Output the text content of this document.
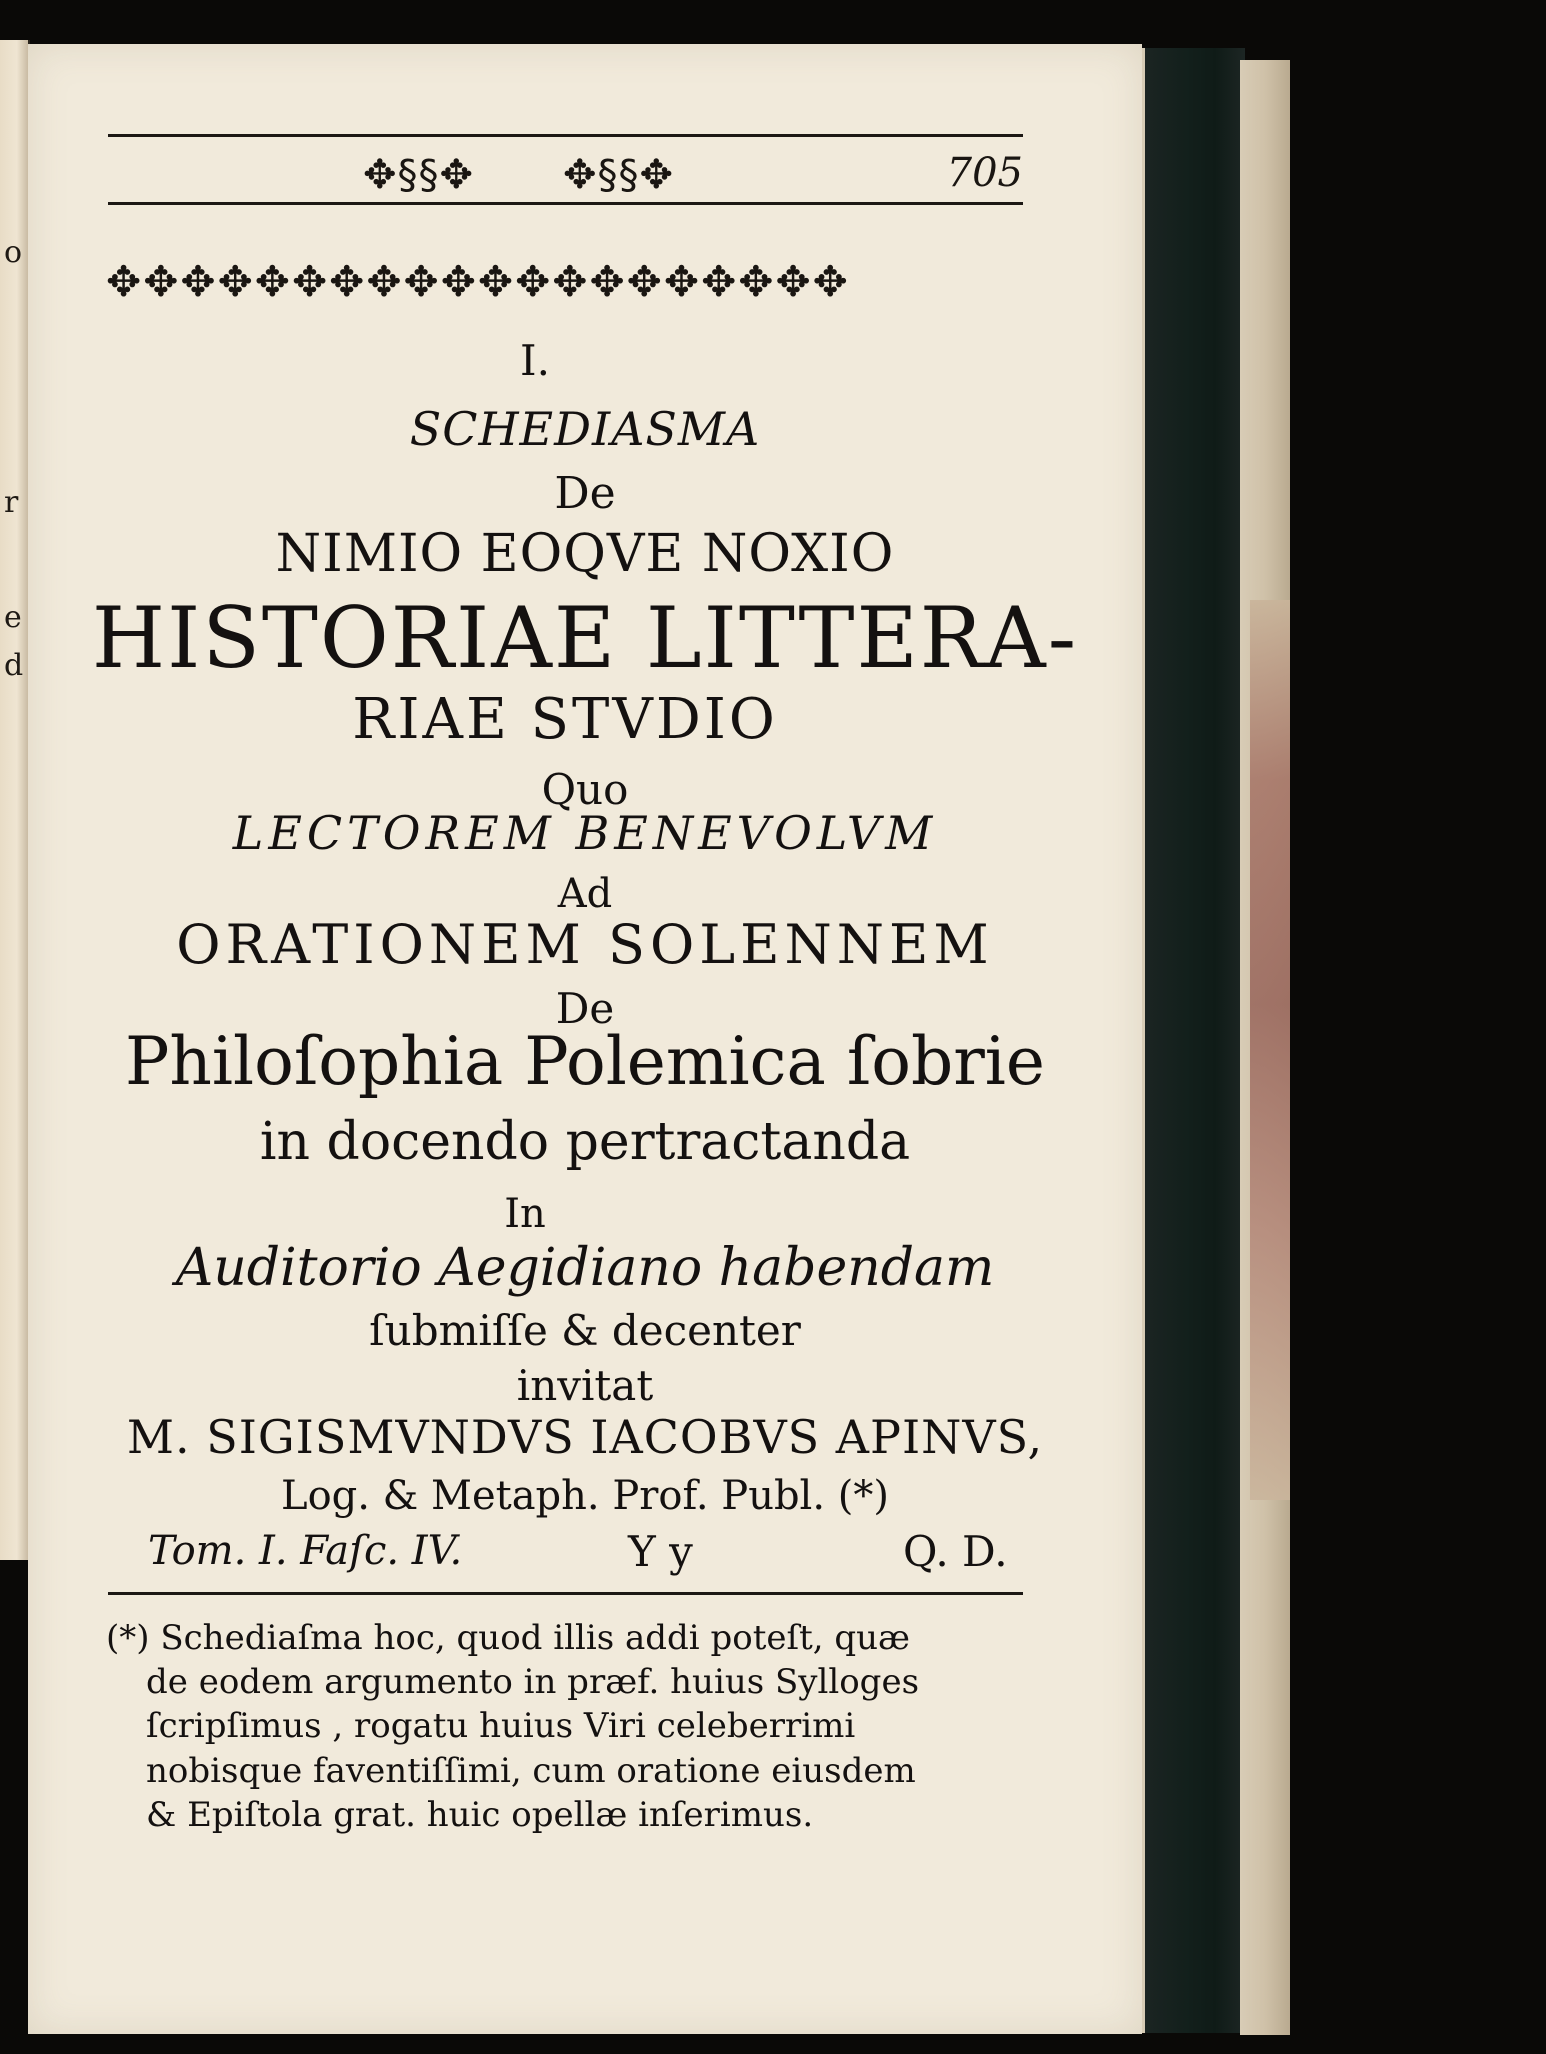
o
r
e
d
✥§§✥ ✥§§✥	705
✥✥✥✥✥✥✥✥✥✥✥✥✥✥✥✥✥✥✥✥
I.
SCHEDIASMA
De
NIMIO EOQVE NOXIO
HISTORIAE LITTERA-
RIAE STVDIO
Quo
LECTOREM BENEVOLVM
Ad
ORATIONEM SOLENNEM
De
Philoſophia Polemica ſobrie
in docendo pertractanda
In
Auditorio Aegidiano habendam
ſubmiſſe & decenter
invitat
M. SIGISMVNDVS IACOBVS APINVS,
Log. & Metaph. Prof. Publ. (*)
Tom. I. Faſc. IV.	Y y	Q. D.
(*) Schediaſma hoc, quod illis addi poteſt, quæ
de eodem argumento in præf. huius Sylloges
ſcripſimus , rogatu huius Viri celeberrimi
nobisque faventiſſimi, cum oratione eiusdem
& Epiſtola grat. huic opellæ inſerimus.
